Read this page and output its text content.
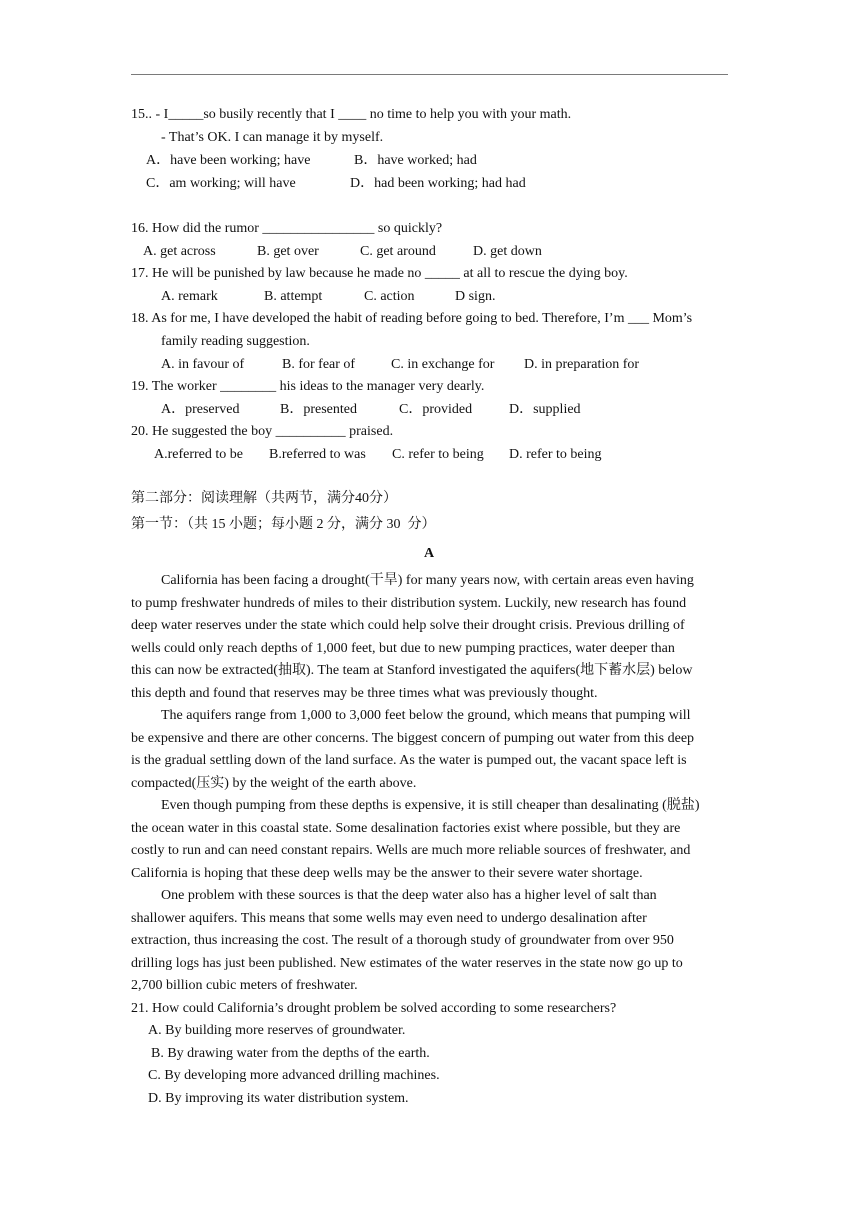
15.. - I_____so busily recently that I ____ no time to help you with your math.
- That’s OK. I can manage it by myself.
A．have been working; have	B．have worked; had
C．am working; will have	D．had been working; had had
16. How did the rumor ________________ so quickly?
A. get across	B. get over	C. get around	D. get down
17. He will be punished by law because he made no _____ at all to rescue the dying boy.
A. remark	B. attempt	C. action	D sign.
18. As for me, I have developed the habit of reading before going to bed. Therefore, I’m ___ Mom’s
family reading suggestion.
A. in favour of	B. for fear of	C. in exchange for D. in preparation for
19. The worker ________ his ideas to the manager very dearly.
A．preserved	B．presented	C．provided	D．supplied
20. He suggested the boy __________ praised.
A.referred to be B.referred to was C. refer to being D. refer to being
第二部分：阅读理解（共两节，满分40分）
第一节：（共 15 小题；每小题 2 分，满分 30  分）
A
California has been facing a drought(干旱) for many years now, with certain areas even having
to pump freshwater hundreds of miles to their distribution system. Luckily, new research has found
deep water reserves under the state which could help solve their drought crisis. Previous drilling of
wells could only reach depths of 1,000 feet, but due to new pumping practices, water deeper than
this can now be extracted(抽取). The team at Stanford investigated the aquifers(地下蓄水层) below
this depth and found that reserves may be three times what was previously thought.
The aquifers range from 1,000 to 3,000 feet below the ground, which means that pumping will
be expensive and there are other concerns. The biggest concern of pumping out water from this deep
is the gradual settling down of the land surface. As the water is pumped out, the vacant space left is
compacted(压实) by the weight of the earth above.
Even though pumping from these depths is expensive, it is still cheaper than desalinating (脱盐)
the ocean water in this coastal state. Some desalination factories exist where possible, but they are
costly to run and can need constant repairs. Wells are much more reliable sources of freshwater, and
California is hoping that these deep wells may be the answer to their severe water shortage.
One problem with these sources is that the deep water also has a higher level of salt than
shallower aquifers. This means that some wells may even need to undergo desalination after
extraction, thus increasing the cost. The result of a thorough study of groundwater from over 950
drilling logs has just been published. New estimates of the water reserves in the state now go up to
2,700 billion cubic meters of freshwater.
21. How could California’s drought problem be solved according to some researchers?
A. By building more reserves of groundwater.
B. By drawing water from the depths of the earth.
C. By developing more advanced drilling machines.
D. By improving its water distribution system.
